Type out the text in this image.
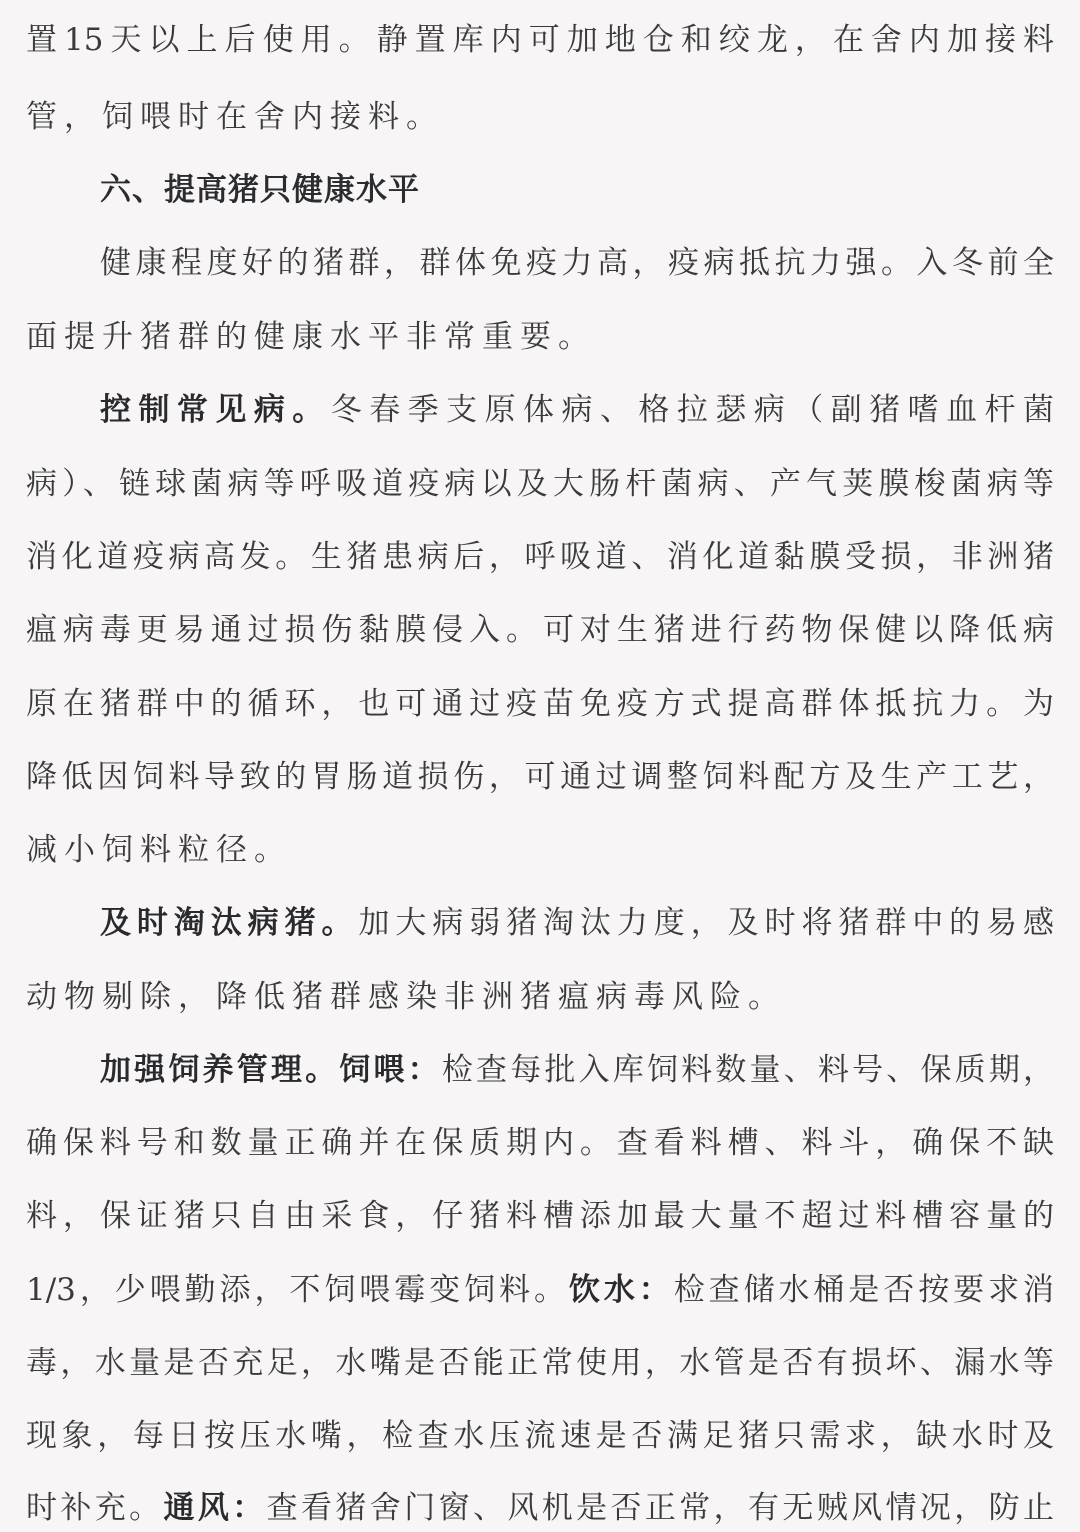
置15天以上后使用。静置库内可加地仓和绞龙，在舍内加接料
管，饲喂时在舍内接料。
六、提高猪只健康水平
健康程度好的猪群，群体免疫力高，疫病抵抗力强。入冬前全
面提升猪群的健康水平非常重要。
控制常见病。冬春季支原体病、格拉瑟病（副猪嗜血杆菌
病）、链球菌病等呼吸道疫病以及大肠杆菌病、产气荚膜梭菌病等
消化道疫病高发。生猪患病后，呼吸道、消化道黏膜受损，非洲猪
瘟病毒更易通过损伤黏膜侵入。可对生猪进行药物保健以降低病
原在猪群中的循环，也可通过疫苗免疫方式提高群体抵抗力。为
降低因饲料导致的胃肠道损伤，可通过调整饲料配方及生产工艺，
减小饲料粒径。
及时淘汰病猪。加大病弱猪淘汰力度，及时将猪群中的易感
动物剔除，降低猪群感染非洲猪瘟病毒风险。
加强饲养管理。饲喂：检查每批入库饲料数量、料号、保质期，
确保料号和数量正确并在保质期内。查看料槽、料斗，确保不缺
料，保证猪只自由采食，仔猪料槽添加最大量不超过料槽容量的
1/3，少喂勤添，不饲喂霉变饲料。饮水：检查储水桶是否按要求消
毒，水量是否充足，水嘴是否能正常使用，水管是否有损坏、漏水等
现象，每日按压水嘴，检查水压流速是否满足猪只需求，缺水时及
时补充。通风：查看猪舍门窗、风机是否正常，有无贼风情况，防止
